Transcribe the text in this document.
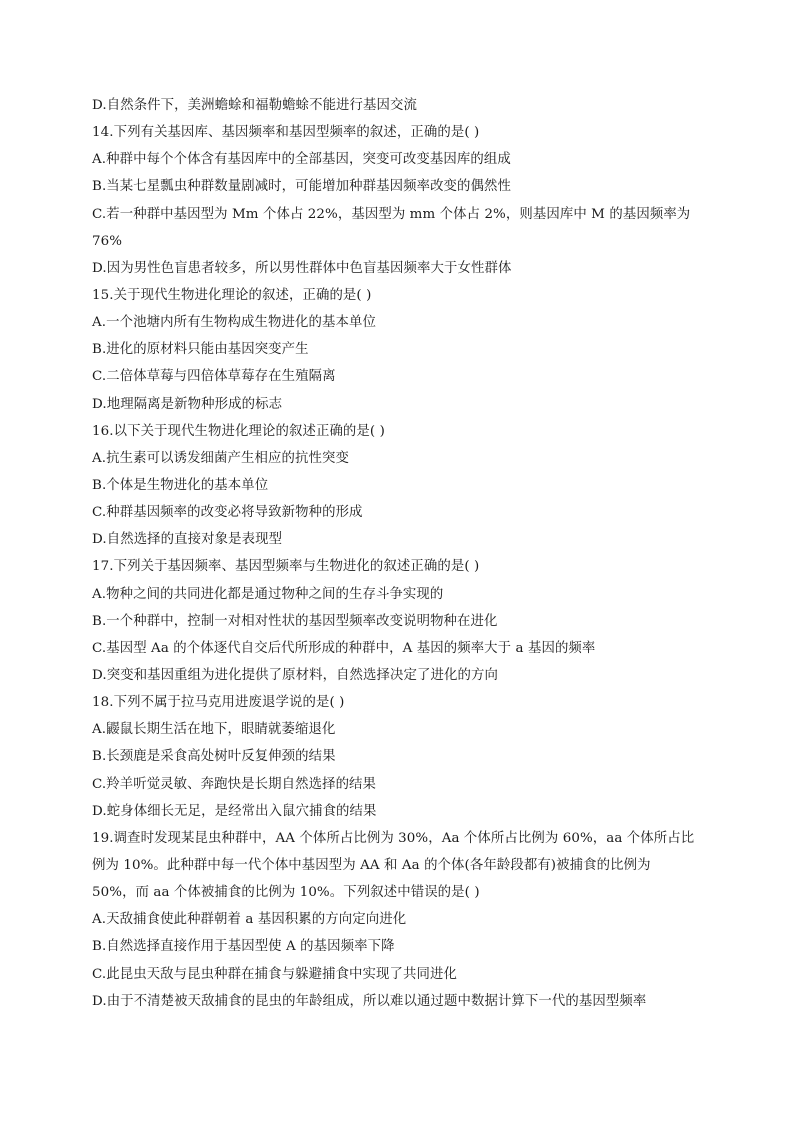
D.自然条件下，美洲蟾蜍和福勒蟾蜍不能进行基因交流
14.下列有关基因库、基因频率和基因型频率的叙述，正确的是( )
A.种群中每个个体含有基因库中的全部基因，突变可改变基因库的组成
B.当某七星瓢虫种群数量剧减时，可能增加种群基因频率改变的偶然性
C.若一种群中基因型为 Mm 个体占 22%，基因型为 mm 个体占 2%，则基因库中 M 的基因频率为
76%
D.因为男性色盲患者较多，所以男性群体中色盲基因频率大于女性群体
15.关于现代生物进化理论的叙述，正确的是( )
A.一个池塘内所有生物构成生物进化的基本单位
B.进化的原材料只能由基因突变产生
C.二倍体草莓与四倍体草莓存在生殖隔离
D.地理隔离是新物种形成的标志
16.以下关于现代生物进化理论的叙述正确的是( )
A.抗生素可以诱发细菌产生相应的抗性突变
B.个体是生物进化的基本单位
C.种群基因频率的改变必将导致新物种的形成
D.自然选择的直接对象是表现型
17.下列关于基因频率、基因型频率与生物进化的叙述正确的是( )
A.物种之间的共同进化都是通过物种之间的生存斗争实现的
B.一个种群中，控制一对相对性状的基因型频率改变说明物种在进化
C.基因型 Aa 的个体逐代自交后代所形成的种群中，A 基因的频率大于 a 基因的频率
D.突变和基因重组为进化提供了原材料，自然选择决定了进化的方向
18.下列不属于拉马克用进废退学说的是( )
A.鼹鼠长期生活在地下，眼睛就萎缩退化
B.长颈鹿是采食高处树叶反复伸颈的结果
C.羚羊听觉灵敏、奔跑快是长期自然选择的结果
D.蛇身体细长无足，是经常出入鼠穴捕食的结果
19.调查时发现某昆虫种群中，AA 个体所占比例为 30%，Aa 个体所占比例为 60%，aa 个体所占比
例为 10%。此种群中每一代个体中基因型为 AA 和 Aa 的个体(各年龄段都有)被捕食的比例为
50%，而 aa 个体被捕食的比例为 10%。下列叙述中错误的是( )
A.天敌捕食使此种群朝着 a 基因积累的方向定向进化
B.自然选择直接作用于基因型使 A 的基因频率下降
C.此昆虫天敌与昆虫种群在捕食与躲避捕食中实现了共同进化
D.由于不清楚被天敌捕食的昆虫的年龄组成，所以难以通过题中数据计算下一代的基因型频率
